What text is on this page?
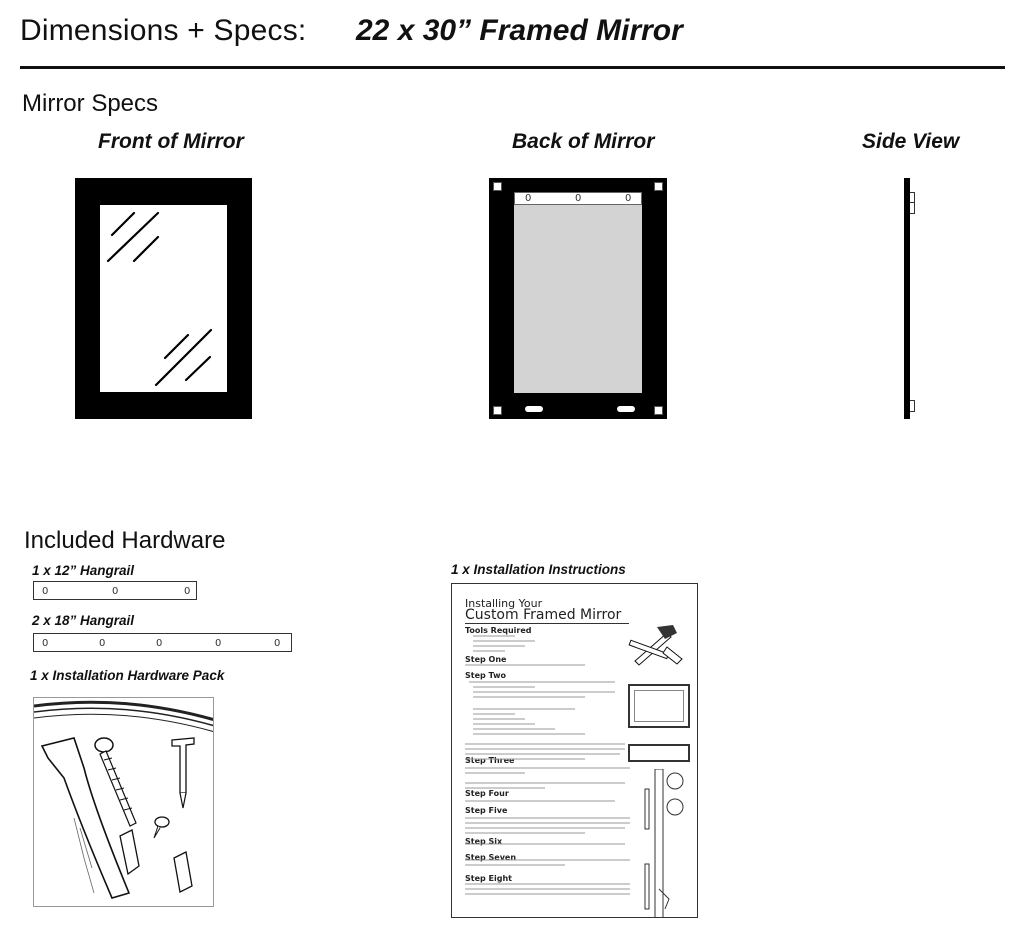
Dimensions + Specs: 22 x 30” Framed Mirror
Mirror Specs
Front of Mirror	Back of Mirror	Side View
0	0	0
Included Hardware
1 x 12” Hangrail
0	0	0
2 x 18” Hangrail
0	0	0	0	0
1 x Installation Hardware Pack
1 x Installation Instructions
Installing Your
Custom Framed Mirror
Tools Required
Step One
Step Two
Step Three
Step Four
Step Five
Step Six
Step Seven
Step Eight
